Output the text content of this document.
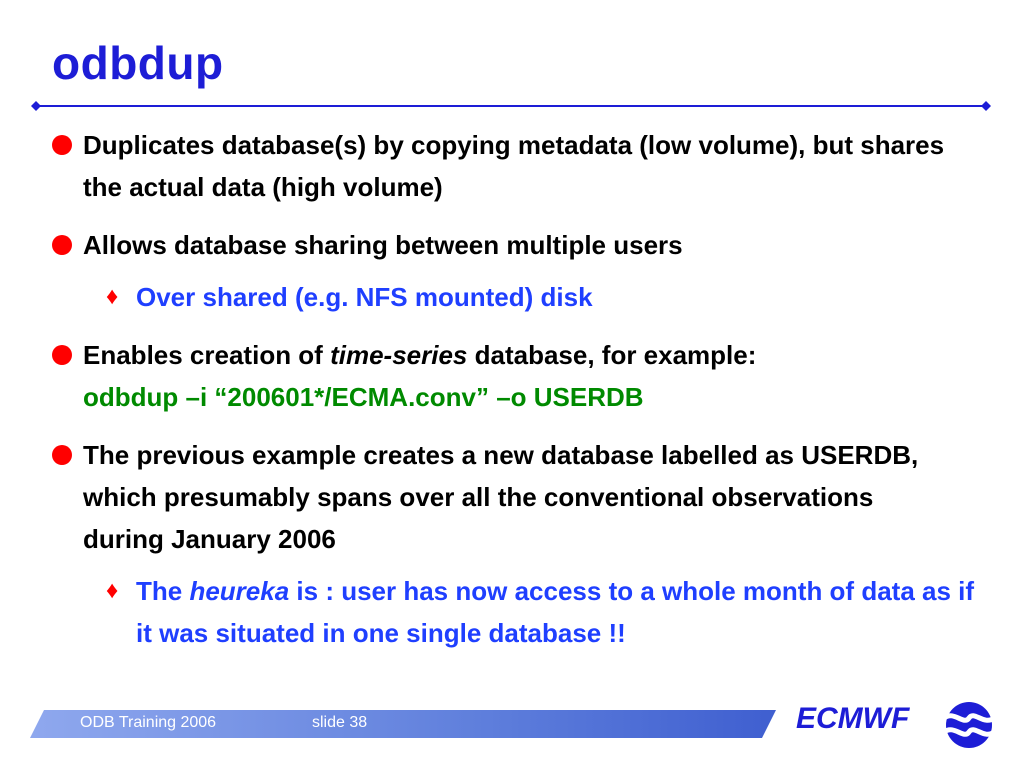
odbdup
Duplicates database(s) by copying metadata (low volume), but shares the actual data (high volume)
Allows database sharing between multiple users
♦ Over shared (e.g. NFS mounted) disk
Enables creation of time-series database, for example:
odbdup –i “200601*/ECMA.conv” –o USERDB
The previous example creates a new database labelled as USERDB, which presumably spans over all the conventional observations during January 2006
♦ The heureka is : user has now access to a whole month of data as if it was situated in one single database !!
ODB Training 2006	slide 38	ECMWF
